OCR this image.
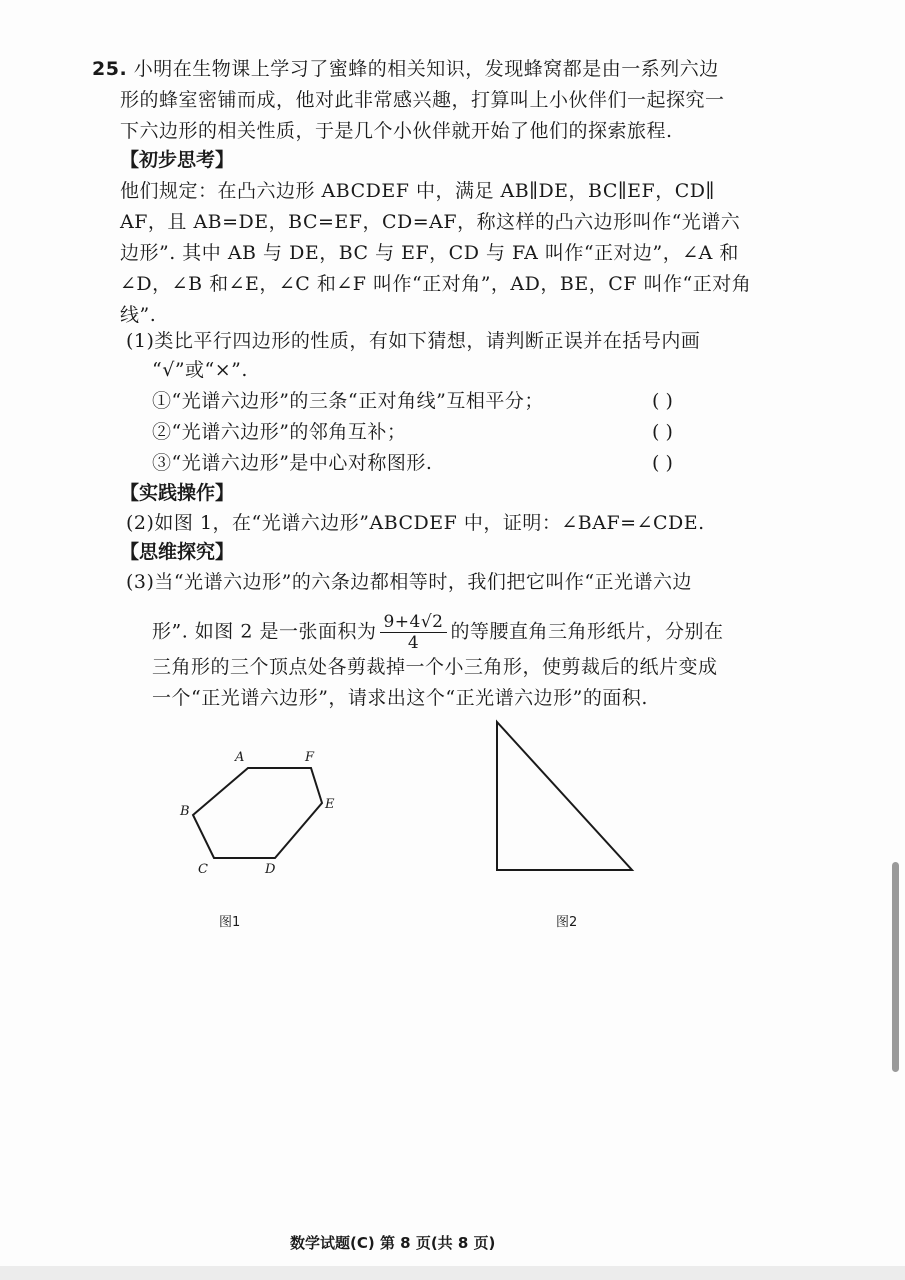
25. 小明在生物课上学习了蜜蜂的相关知识，发现蜂窝都是由一系列六边
形的蜂室密铺而成，他对此非常感兴趣，打算叫上小伙伴们一起探究一
下六边形的相关性质，于是几个小伙伴就开始了他们的探索旅程.
【初步思考】
他们规定：在凸六边形 ABCDEF 中，满足 AB∥DE，BC∥EF，CD∥
AF，且 AB=DE，BC=EF，CD=AF，称这样的凸六边形叫作“光谱六
边形”. 其中 AB 与 DE，BC 与 EF，CD 与 FA 叫作“正对边”，∠A 和
∠D，∠B 和∠E，∠C 和∠F 叫作“正对角”，AD，BE，CF 叫作“正对角
线”.
(1)类比平行四边形的性质，有如下猜想，请判断正误并在括号内画
“√”或“×”.
①“光谱六边形”的三条“正对角线”互相平分；	( )
②“光谱六边形”的邻角互补；	( )
③“光谱六边形”是中心对称图形.	( )
【实践操作】
(2)如图 1，在“光谱六边形”ABCDEF 中，证明：∠BAF=∠CDE.
【思维探究】
(3)当“光谱六边形”的六条边都相等时，我们把它叫作“正光谱六边
形”. 如图 2 是一张面积为 $\frac{9+4√2}{4}$ 的等腰直角三角形纸片，分别在
三角形的三个顶点处各剪裁掉一个小三角形，使剪裁后的纸片变成
一个“正光谱六边形”，请求出这个“正光谱六边形”的面积.
A	F
E
B
C	D
图1	图2
数学试题(C) 第 8 页(共 8 页)
